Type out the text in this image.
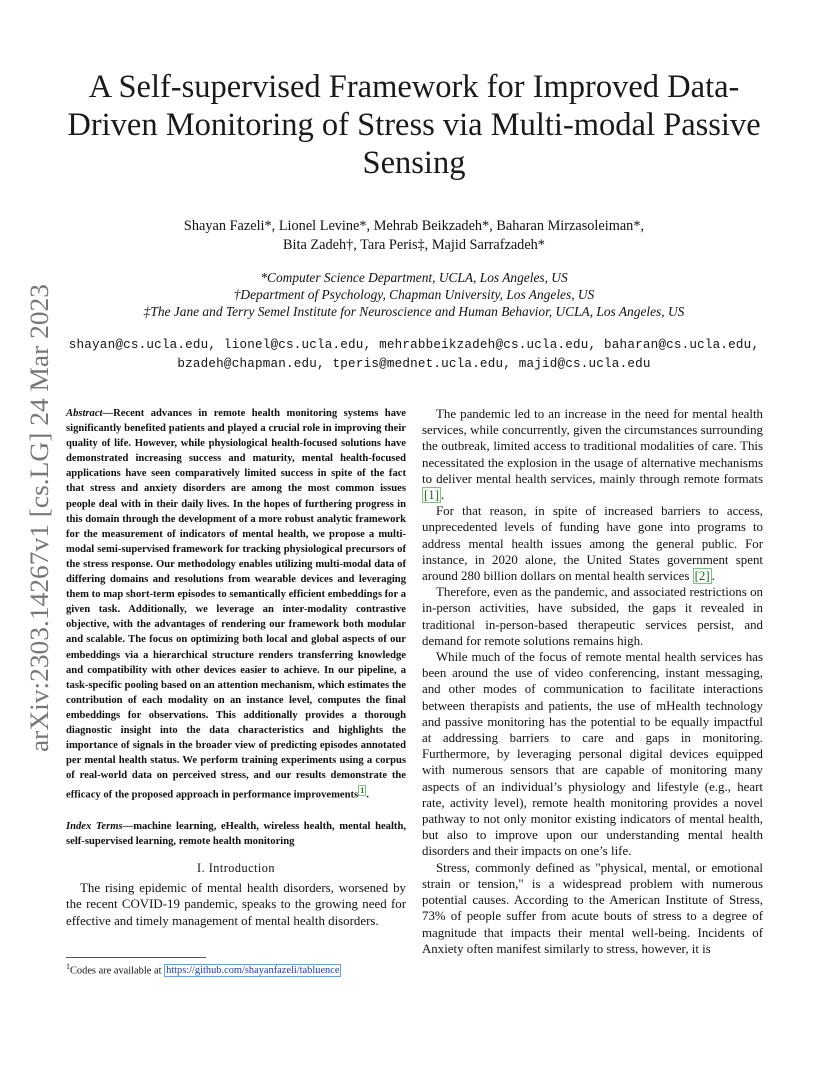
arXiv:2303.14267v1 [cs.LG] 24 Mar 2023
A Self-supervised Framework for Improved Data-Driven Monitoring of Stress via Multi-modal Passive Sensing
Shayan Fazeli*, Lionel Levine*, Mehrab Beikzadeh*, Baharan Mirzasoleiman*,
Bita Zadeh†, Tara Peris‡, Majid Sarrafzadeh*
*Computer Science Department, UCLA, Los Angeles, US
†Department of Psychology, Chapman University, Los Angeles, US
‡The Jane and Terry Semel Institute for Neuroscience and Human Behavior, UCLA, Los Angeles, US
shayan@cs.ucla.edu, lionel@cs.ucla.edu, mehrabbeikzadeh@cs.ucla.edu, baharan@cs.ucla.edu,
bzadeh@chapman.edu, tperis@mednet.ucla.edu, majid@cs.ucla.edu

Abstract—Recent advances in remote health monitoring systems have significantly benefited patients and played a crucial role in improving their quality of life. However, while physiological health-focused solutions have demonstrated increasing success and maturity, mental health-focused applications have seen comparatively limited success in spite of the fact that stress and anxiety disorders are among the most common issues people deal with in their daily lives. In the hopes of furthering progress in this domain through the development of a more robust analytic framework for the measurement of indicators of mental health, we propose a multi-modal semi-supervised framework for tracking physiological precursors of the stress response. Our methodology enables utilizing multi-modal data of differing domains and resolutions from wearable devices and leveraging them to map short-term episodes to semantically efficient embeddings for a given task. Additionally, we leverage an inter-modality contrastive objective, with the advantages of rendering our framework both modular and scalable. The focus on optimizing both local and global aspects of our embeddings via a hierarchical structure renders transferring knowledge and compatibility with other devices easier to achieve. In our pipeline, a task-specific pooling based on an attention mechanism, which estimates the contribution of each modality on an instance level, computes the final embeddings for observations. This additionally provides a thorough diagnostic insight into the data characteristics and highlights the importance of signals in the broader view of predicting episodes annotated per mental health status. We perform training experiments using a corpus of real-world data on perceived stress, and our results demonstrate the efficacy of the proposed approach in performance improvements $^1$ .

Index Terms—machine learning, eHealth, wireless health, mental health, self-supervised learning, remote health monitoring

I. Introduction

The rising epidemic of mental health disorders, worsened by the recent COVID-19 pandemic, speaks to the growing need for effective and timely management of mental health disorders.

$^1$Codes are available at https://github.com/shayanfazeli/tabluence

The pandemic led to an increase in the need for mental health services, while concurrently, given the circumstances surrounding the outbreak, limited access to traditional modalities of care. This necessitated the explosion in the usage of alternative mechanisms to deliver mental health services, mainly through remote formats [1] .

For that reason, in spite of increased barriers to access, unprecedented levels of funding have gone into programs to address mental health issues among the general public. For instance, in 2020 alone, the United States government spent around 280 billion dollars on mental health services [2] .

Therefore, even as the pandemic, and associated restrictions on in-person activities, have subsided, the gaps it revealed in traditional in-person-based therapeutic services persist, and demand for remote solutions remains high.

While much of the focus of remote mental health services has been around the use of video conferencing, instant messaging, and other modes of communication to facilitate interactions between therapists and patients, the use of mHealth technology and passive monitoring has the potential to be equally impactful at addressing barriers to care and gaps in monitoring. Furthermore, by leveraging personal digital devices equipped with numerous sensors that are capable of monitoring many aspects of an individual’s physiology and lifestyle (e.g., heart rate, activity level), remote health monitoring provides a novel pathway to not only monitor existing indicators of mental health, but also to improve upon our understanding mental health disorders and their impacts on one’s life.

Stress, commonly defined as "physical, mental, or emotional strain or tension," is a widespread problem with numerous potential causes. According to the American Institute of Stress, 73% of people suffer from acute bouts of stress to a degree of magnitude that impacts their mental well-being. Incidents of Anxiety often manifest similarly to stress, however, it is
